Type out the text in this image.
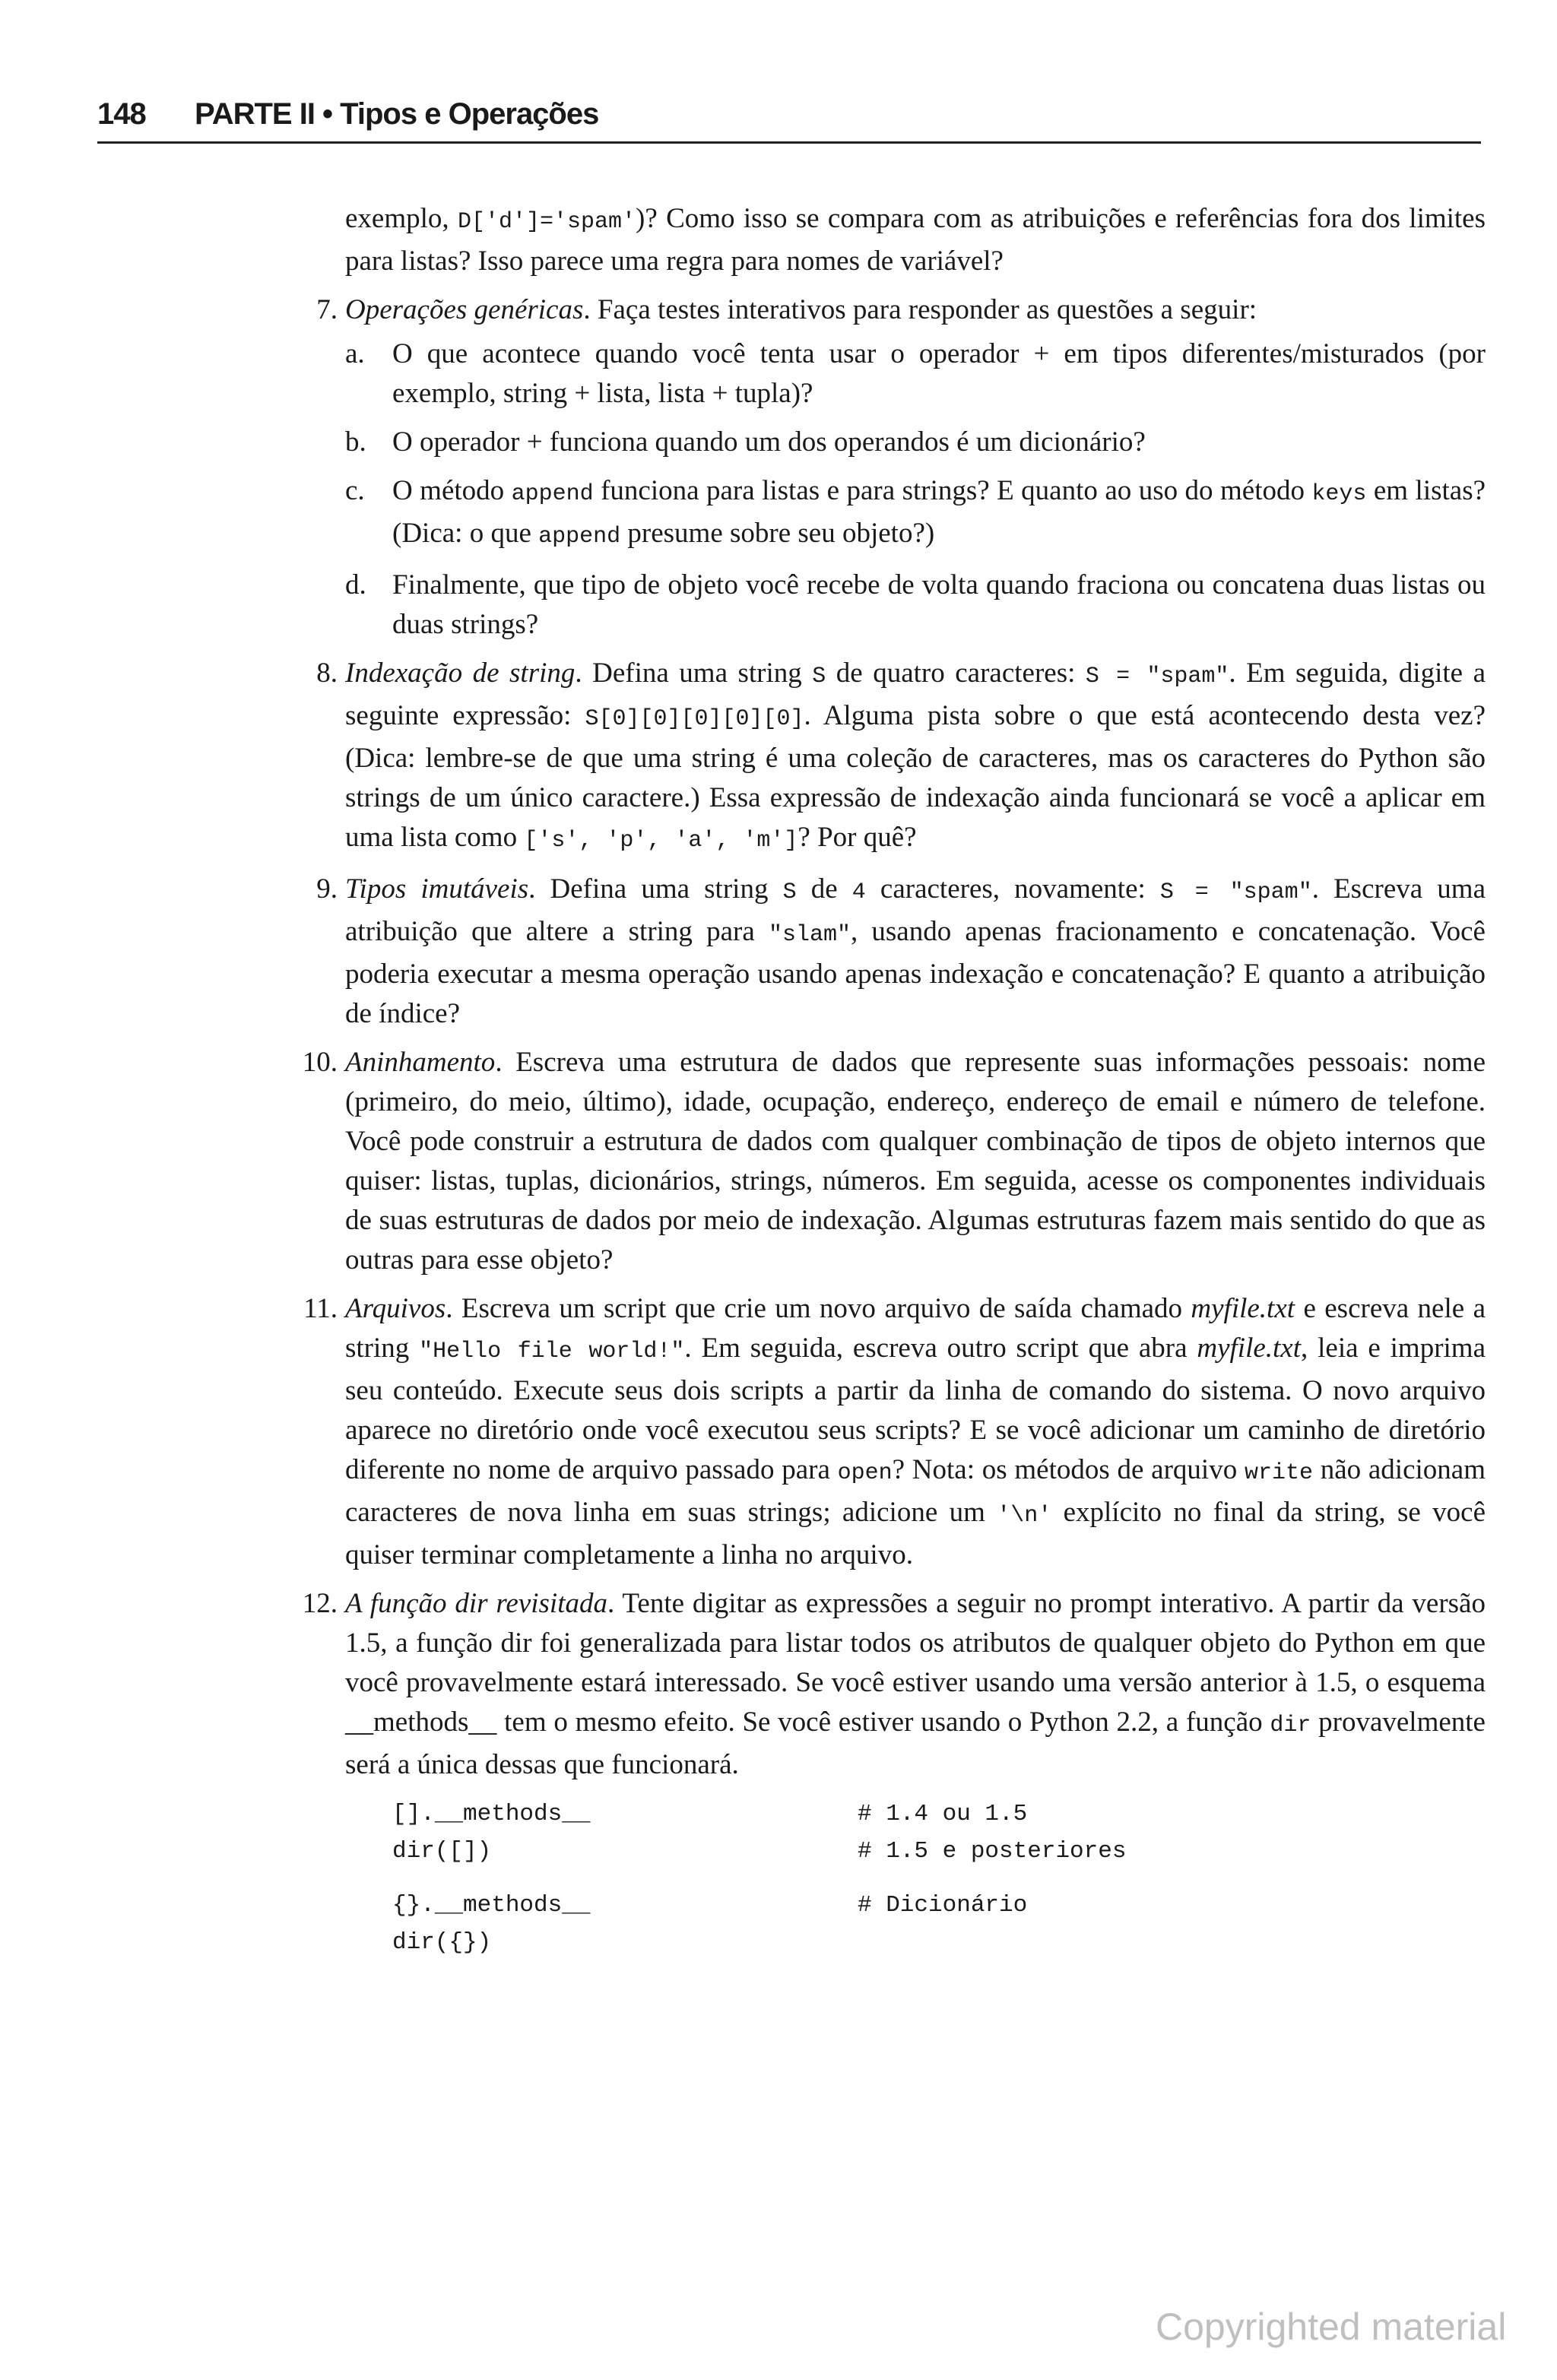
148 PARTE II • Tipos e Operações

exemplo, D['d']='spam')? Como isso se compara com as atribuições e referências fora dos limites para listas? Isso parece uma regra para nomes de variável?

7. Operações genéricas. Faça testes interativos para responder as questões a seguir:
a. O que acontece quando você tenta usar o operador + em tipos diferentes/misturados (por exemplo, string + lista, lista + tupla)?
b. O operador + funciona quando um dos operandos é um dicionário?
c. O método append funciona para listas e para strings? E quanto ao uso do método keys em listas? (Dica: o que append presume sobre seu objeto?)
d. Finalmente, que tipo de objeto você recebe de volta quando fraciona ou concatena duas listas ou duas strings?
8. Indexação de string. Defina uma string S de quatro caracteres: S = "spam". Em seguida, digite a seguinte expressão: S[0][0][0][0][0]. Alguma pista sobre o que está acontecendo desta vez? (Dica: lembre-se de que uma string é uma coleção de caracteres, mas os caracteres do Python são strings de um único caractere.) Essa expressão de indexação ainda funcionará se você a aplicar em uma lista como ['s', 'p', 'a', 'm']? Por quê?
9. Tipos imutáveis. Defina uma string S de 4 caracteres, novamente: S = "spam". Escreva uma atribuição que altere a string para "slam", usando apenas fracionamento e concatenação. Você poderia executar a mesma operação usando apenas indexação e concatenação? E quanto a atribuição de índice?
10. Aninhamento. Escreva uma estrutura de dados que represente suas informações pessoais: nome (primeiro, do meio, último), idade, ocupação, endereço, endereço de email e número de telefone. Você pode construir a estrutura de dados com qualquer combinação de tipos de objeto internos que quiser: listas, tuplas, dicionários, strings, números. Em seguida, acesse os componentes individuais de suas estruturas de dados por meio de indexação. Algumas estruturas fazem mais sentido do que as outras para esse objeto?
11. Arquivos. Escreva um script que crie um novo arquivo de saída chamado myfile.txt e escreva nele a string "Hello file world!". Em seguida, escreva outro script que abra myfile.txt, leia e imprima seu conteúdo. Execute seus dois scripts a partir da linha de comando do sistema. O novo arquivo aparece no diretório onde você executou seus scripts? E se você adicionar um caminho de diretório diferente no nome de arquivo passado para open? Nota: os métodos de arquivo write não adicionam caracteres de nova linha em suas strings; adicione um '\n' explícito no final da string, se você quiser terminar completamente a linha no arquivo.
12. A função dir revisitada. Tente digitar as expressões a seguir no prompt interativo. A partir da versão 1.5, a função dir foi generalizada para listar todos os atributos de qualquer objeto do Python em que você provavelmente estará interessado. Se você estiver usando uma versão anterior à 1.5, o esquema __methods__ tem o mesmo efeito. Se você estiver usando o Python 2.2, a função dir provavelmente será a única dessas que funcionará.
[].__methods__	# 1.4 ou 1.5
dir([])	# 1.5 e posteriores
{}.__methods__	# Dicionário
dir({})
Copyrighted material
